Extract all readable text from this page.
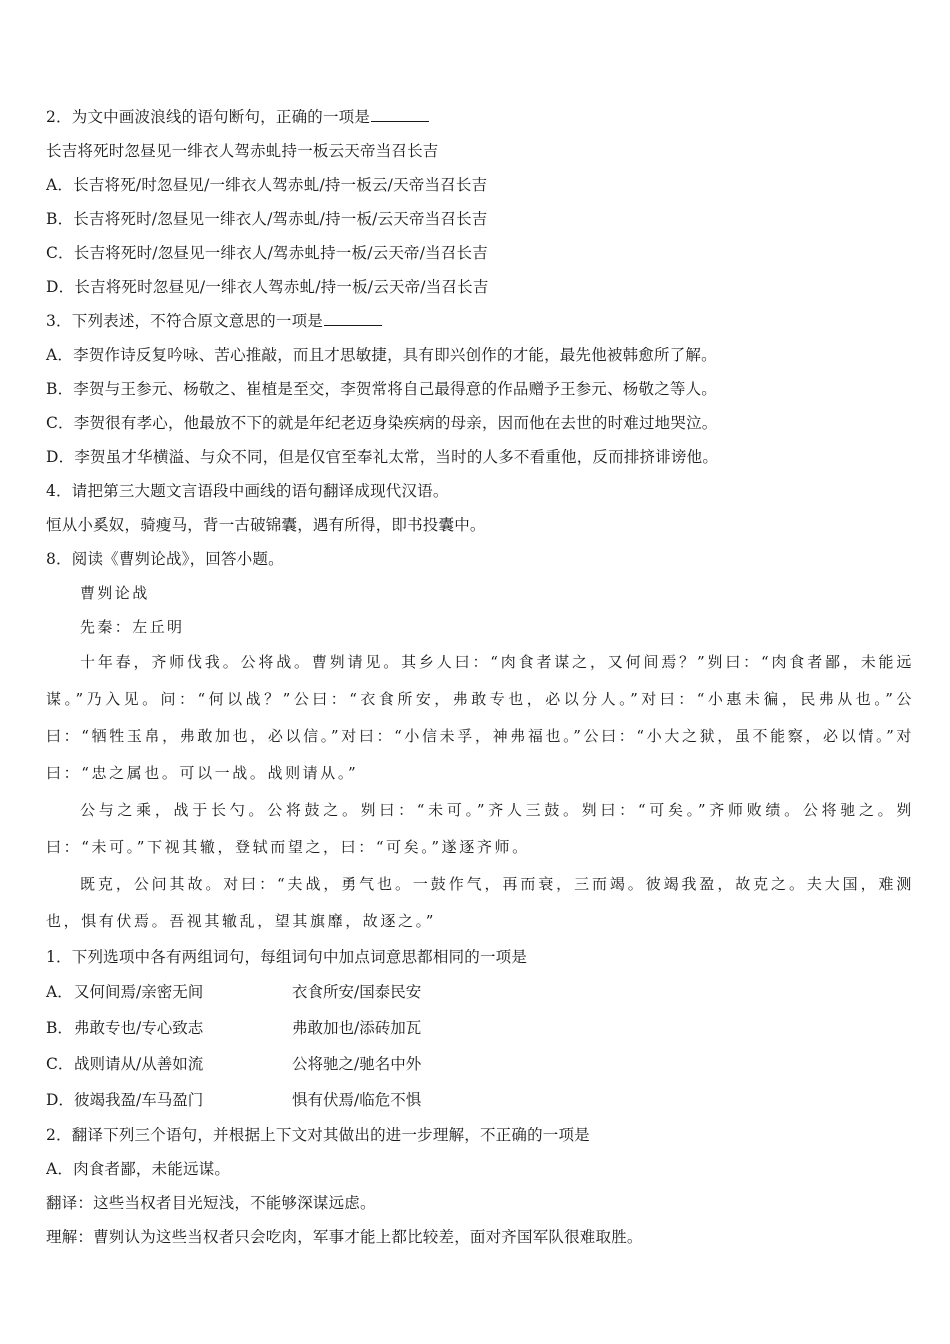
2．为文中画波浪线的语句断句，正确的一项是
长吉将死时忽昼见一绯衣人驾赤虬持一板云天帝当召长吉
A．长吉将死/时忽昼见/一绯衣人驾赤虬/持一板云/天帝当召长吉
B．长吉将死时/忽昼见一绯衣人/驾赤虬/持一板/云天帝当召长吉
C．长吉将死时/忽昼见一绯衣人/驾赤虬持一板/云天帝/当召长吉
D．长吉将死时忽昼见/一绯衣人驾赤虬/持一板/云天帝/当召长吉
3．下列表述，不符合原文意思的一项是
A．李贺作诗反复吟咏、苦心推敲，而且才思敏捷，具有即兴创作的才能，最先他被韩愈所了解。
B．李贺与王参元、杨敬之、崔植是至交，李贺常将自己最得意的作品赠予王参元、杨敬之等人。
C．李贺很有孝心，他最放不下的就是年纪老迈身染疾病的母亲，因而他在去世的时难过地哭泣。
D．李贺虽才华横溢、与众不同，但是仅官至奉礼太常，当时的人多不看重他，反而排挤诽谤他。
4．请把第三大题文言语段中画线的语句翻译成现代汉语。
恒从小奚奴，骑瘦马，背一古破锦囊，遇有所得，即书投囊中。
8．阅读《曹刿论战》，回答小题。
曹刿论战
先秦：左丘明

十年春，齐师伐我。公将战。曹刿请见。其乡人曰：“肉食者谋之，又何间焉？”刿曰：“肉食者鄙，未能远谋。”乃入见。问：“何以战？”公曰：“衣食所安，弗敢专也，必以分人。”对曰：“小惠未徧，民弗从也。”公曰：“牺牲玉帛，弗敢加也，必以信。”对曰：“小信未孚，神弗福也。”公曰：“小大之狱，虽不能察，必以情。”对曰：“忠之属也。可以一战。战则请从。”

公与之乘，战于长勺。公将鼓之。刿曰：“未可。”齐人三鼓。刿曰：“可矣。”齐师败绩。公将驰之。刿曰：“未可。”下视其辙，登轼而望之，曰：“可矣。”遂逐齐师。

既克，公问其故。对曰：“夫战，勇气也。一鼓作气，再而衰，三而竭。彼竭我盈，故克之。夫大国，难测也，惧有伏焉。吾视其辙乱，望其旗靡，故逐之。”

1．下列选项中各有两组词句，每组词句中加点词意思都相同的一项是
A． 又何间焉/亲密无间	衣食所安/国泰民安
B． 弗敢专也/专心致志	弗敢加也/添砖加瓦
C． 战则请从/从善如流	公将驰之/驰名中外
D． 彼竭我盈/车马盈门	惧有伏焉/临危不惧
2．翻译下列三个语句，并根据上下文对其做出的进一步理解，不正确的一项是
A．肉食者鄙，未能远谋。
翻译：这些当权者目光短浅，不能够深谋远虑。
理解：曹刿认为这些当权者只会吃肉，军事才能上都比较差，面对齐国军队很难取胜。
